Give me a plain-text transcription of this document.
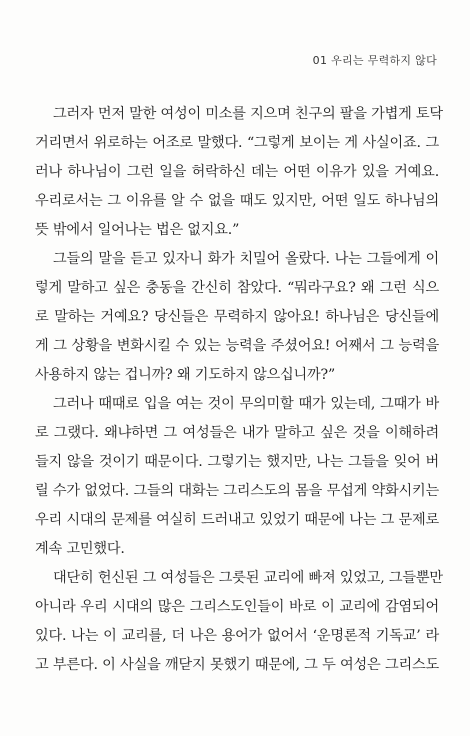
01 우리는 무력하지 않다
그러자 먼저 말한 여성이 미소를 지으며 친구의 팔을 가볍게 토닥
거리면서 위로하는 어조로 말했다. “그렇게 보이는 게 사실이죠. 그
러나 하나님이 그런 일을 허락하신 데는 어떤 이유가 있을 거예요.
우리로서는 그 이유를 알 수 없을 때도 있지만, 어떤 일도 하나님의
뜻 밖에서 일어나는 법은 없지요.”
그들의 말을 듣고 있자니 화가 치밀어 올랐다. 나는 그들에게 이
렇게 말하고 싶은 충동을 간신히 참았다. “뭐라구요? 왜 그런 식으
로 말하는 거예요? 당신들은 무력하지 않아요! 하나님은 당신들에
게 그 상황을 변화시킬 수 있는 능력을 주셨어요! 어째서 그 능력을
사용하지 않는 겁니까? 왜 기도하지 않으십니까?”
그러나 때때로 입을 여는 것이 무의미할 때가 있는데, 그때가 바
로 그랬다. 왜냐하면 그 여성들은 내가 말하고 싶은 것을 이해하려
들지 않을 것이기 때문이다. 그렇기는 했지만, 나는 그들을 잊어 버
릴 수가 없었다. 그들의 대화는 그리스도의 몸을 무섭게 약화시키는
우리 시대의 문제를 여실히 드러내고 있었기 때문에 나는 그 문제로
계속 고민했다.
대단히 헌신된 그 여성들은 그릇된 교리에 빠져 있었고, 그들뿐만
아니라 우리 시대의 많은 그리스도인들이 바로 이 교리에 감염되어
있다. 나는 이 교리를, 더 나은 용어가 없어서 ‘운명론적 기독교’ 라
고 부른다. 이 사실을 깨닫지 못했기 때문에, 그 두 여성은 그리스도
